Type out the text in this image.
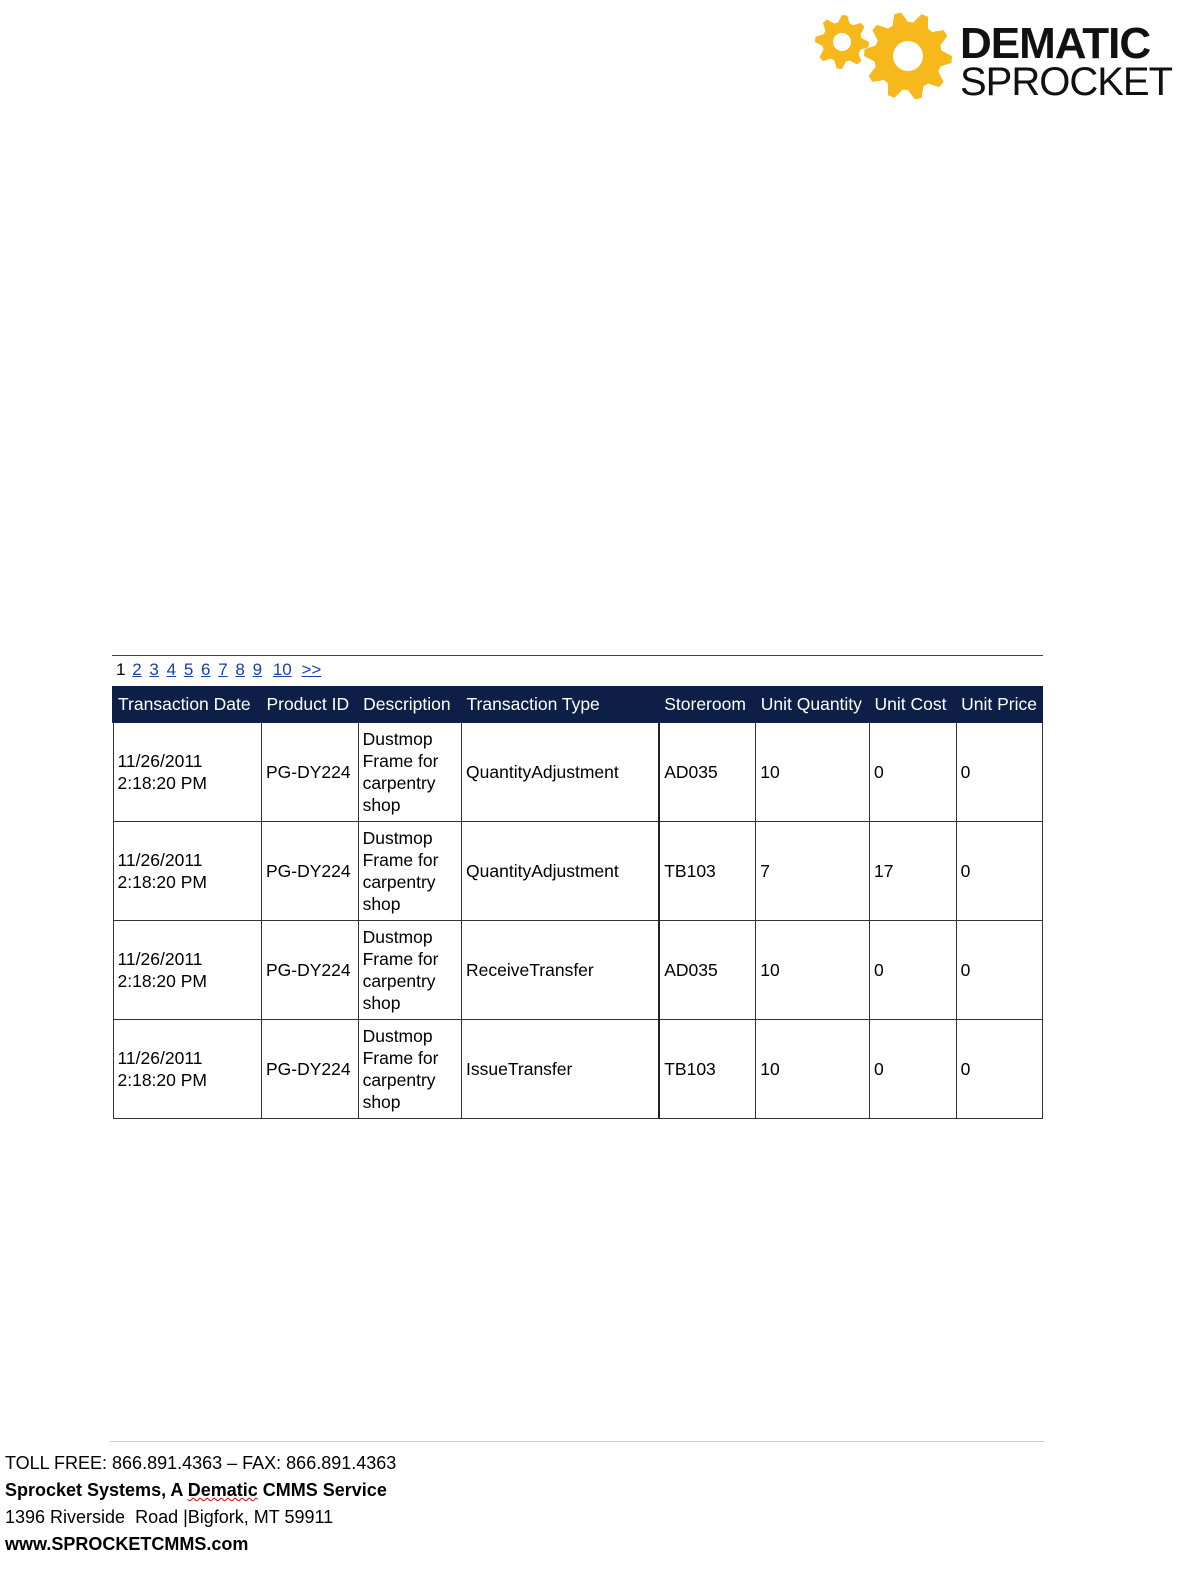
DEMATIC
SPROCKET
1 2 3 4 5 6 7 8 9 10 >>
Transaction Date	Product ID	Description	Transaction Type	Storeroom	Unit Quantity	Unit Cost	Unit Price
11/26/2011
2:18:20 PM	PG-DY224	Dustmop Frame for carpentry shop	QuantityAdjustment	AD035	10	0	0
11/26/2011
2:18:20 PM	PG-DY224	Dustmop Frame for carpentry shop	QuantityAdjustment	TB103	7	17	0
11/26/2011
2:18:20 PM	PG-DY224	Dustmop Frame for carpentry shop	ReceiveTransfer	AD035	10	0	0
11/26/2011
2:18:20 PM	PG-DY224	Dustmop Frame for carpentry shop	IssueTransfer	TB103	10	0	0
TOLL FREE: 866.891.4363 – FAX: 866.891.4363
Sprocket Systems, A Dematic CMMS Service
1396 Riverside  Road |Bigfork, MT 59911
www.SPROCKETCMMS.com
